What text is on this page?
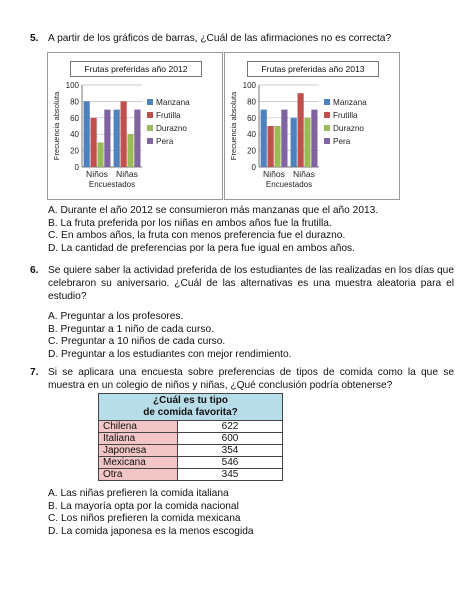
5. A partir de los gráficos de barras, ¿Cuál de las afirmaciones no es correcta?
Frutas preferidas año 2012
0
20
40
60
80
100
Niños Niñas
Encuestados
Frecuencia absoluta	Manzana
Frutilla
Durazno
Pera
Frutas preferidas año 2013
0
20
40
60
80
100
Niños Niñas
Encuestados
Frecuencia absoluta	Manzana
Frutilla
Durazno
Pera
A. Durante el año 2012 se consumieron más manzanas que el año 2013.
B. La fruta preferida por los niñas en ambos años fue la frutilla.
C. En ambos años, la fruta con menos preferencia fue el durazno.
D. La cantidad de preferencias por la pera fue igual en ambos años.
6. Se quiere saber la actividad preferida de los estudiantes de las realizadas en los días que celebraron su aniversario. ¿Cuál de las alternativas es una muestra aleatoria para el estudio?
A. Preguntar a los profesores.
B. Preguntar a 1 niño de cada curso.
C. Preguntar a 10 niños de cada curso.
D. Preguntar a los estudiantes con mejor rendimiento.
7. Si se aplicara una encuesta sobre preferencias de tipos de comida como la que se muestra en un colegio de niños y niñas, ¿Qué conclusión podría obtenerse?
¿Cuál es tu tipo
de comida favorita?	

Chilena	622
Italiana	600
Japonesa	354
Mexicana	546
Otra	345
A. Las niñas prefieren la comida italiana
B. La mayoría opta por la comida nacional
C. Los niños prefieren la comida mexicana
D. La comida japonesa es la menos escogida
